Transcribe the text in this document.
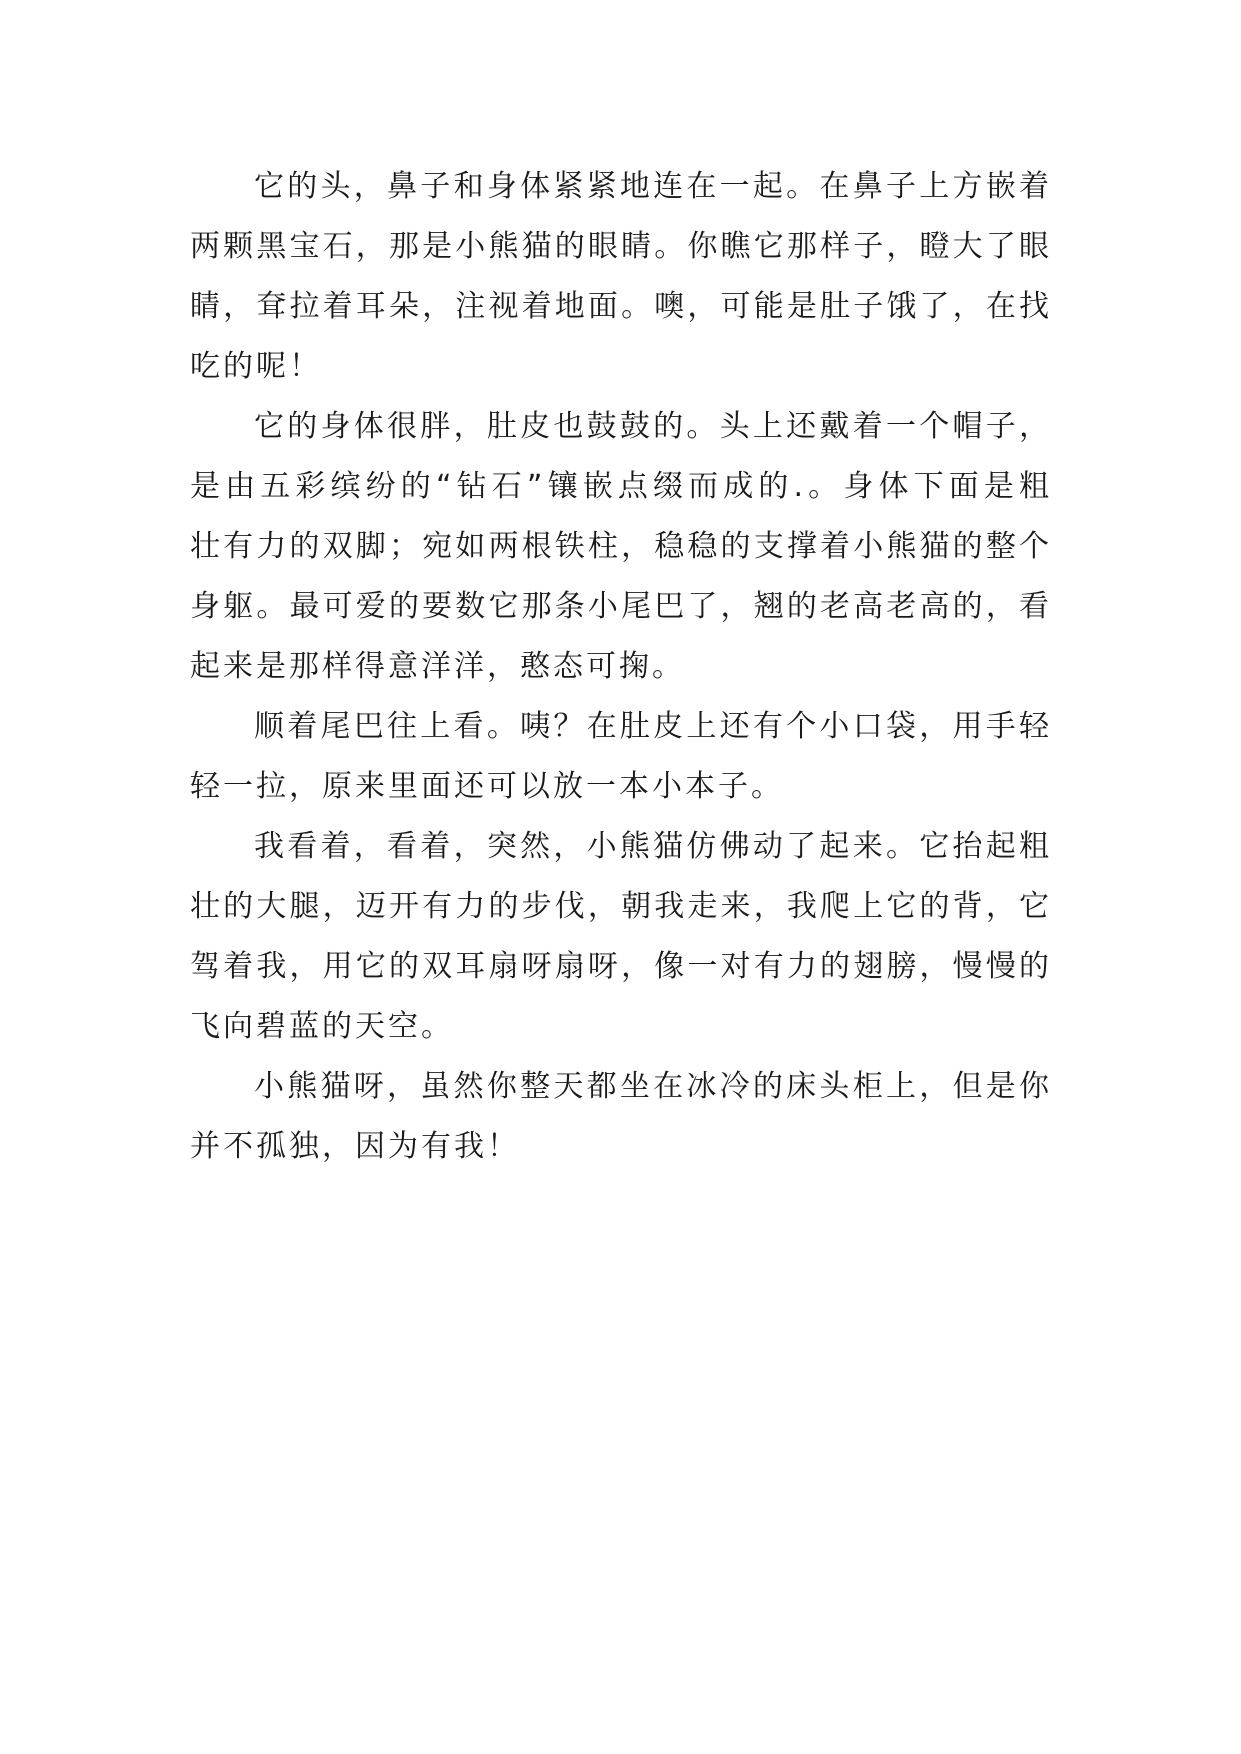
它的头，鼻子和身体紧紧地连在一起。在鼻子上方嵌着
两颗黑宝石，那是小熊猫的眼睛。你瞧它那样子，瞪大了眼
睛，耷拉着耳朵，注视着地面。噢，可能是肚子饿了，在找
吃的呢！
它的身体很胖，肚皮也鼓鼓的。头上还戴着一个帽子，
是由五彩缤纷的“钻石”镶嵌点缀而成的.。身体下面是粗
壮有力的双脚；宛如两根铁柱，稳稳的支撑着小熊猫的整个
身躯。最可爱的要数它那条小尾巴了，翘的老高老高的，看
起来是那样得意洋洋，憨态可掬。
顺着尾巴往上看。咦？在肚皮上还有个小口袋，用手轻
轻一拉，原来里面还可以放一本小本子。
我看着，看着，突然，小熊猫仿佛动了起来。它抬起粗
壮的大腿，迈开有力的步伐，朝我走来，我爬上它的背，它
驾着我，用它的双耳扇呀扇呀，像一对有力的翅膀，慢慢的
飞向碧蓝的天空。
小熊猫呀，虽然你整天都坐在冰冷的床头柜上，但是你
并不孤独，因为有我！
